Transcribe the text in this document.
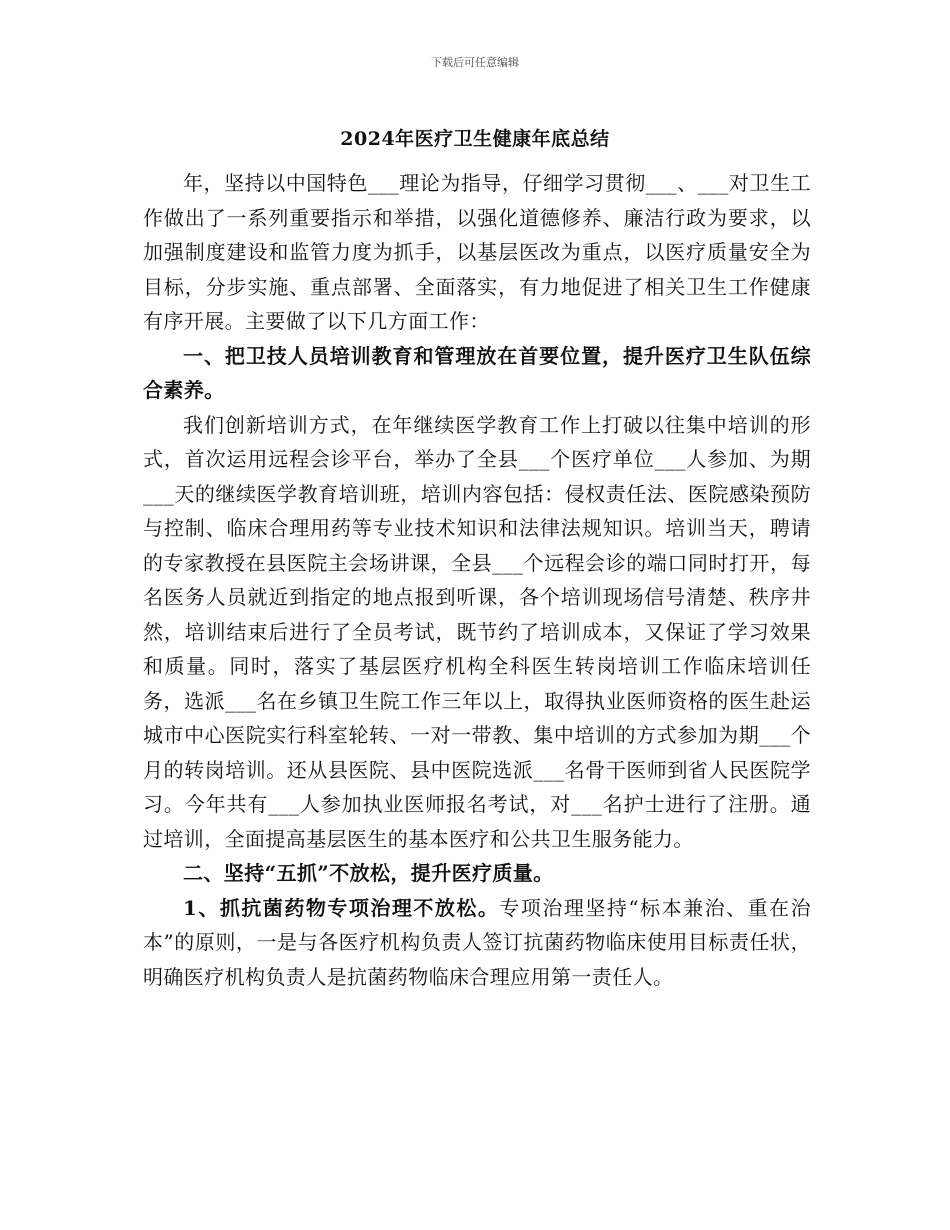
下载后可任意编辑
2024年医疗卫生健康年底总结

年，坚持以中国特色___理论为指导，仔细学习贯彻___、___对卫生工作做出了一系列重要指示和举措，以强化道德修养、廉洁行政为要求，以加强制度建设和监管力度为抓手，以基层医改为重点，以医疗质量安全为目标，分步实施、重点部署、全面落实，有力地促进了相关卫生工作健康有序开展。主要做了以下几方面工作：

一、把卫技人员培训教育和管理放在首要位置，提升医疗卫生队伍综合素养。

我们创新培训方式，在年继续医学教育工作上打破以往集中培训的形式，首次运用远程会诊平台，举办了全县___个医疗单位___人参加、为期___天的继续医学教育培训班，培训内容包括：侵权责任法、医院感染预防与控制、临床合理用药等专业技术知识和法律法规知识。培训当天，聘请的专家教授在县医院主会场讲课，全县___个远程会诊的端口同时打开，每名医务人员就近到指定的地点报到听课，各个培训现场信号清楚、秩序井然，培训结束后进行了全员考试，既节约了培训成本，又保证了学习效果和质量。同时，落实了基层医疗机构全科医生转岗培训工作临床培训任务，选派___名在乡镇卫生院工作三年以上，取得执业医师资格的医生赴运城市中心医院实行科室轮转、一对一带教、集中培训的方式参加为期___个月的转岗培训。还从县医院、县中医院选派___名骨干医师到省人民医院学习。今年共有___人参加执业医师报名考试，对___名护士进行了注册。通过培训，全面提高基层医生的基本医疗和公共卫生服务能力。

二、坚持“五抓”不放松，提升医疗质量。

1、抓抗菌药物专项治理不放松。专项治理坚持“标本兼治、重在治本”的原则，一是与各医疗机构负责人签订抗菌药物临床使用目标责任状，明确医疗机构负责人是抗菌药物临床合理应用第一责任人。
